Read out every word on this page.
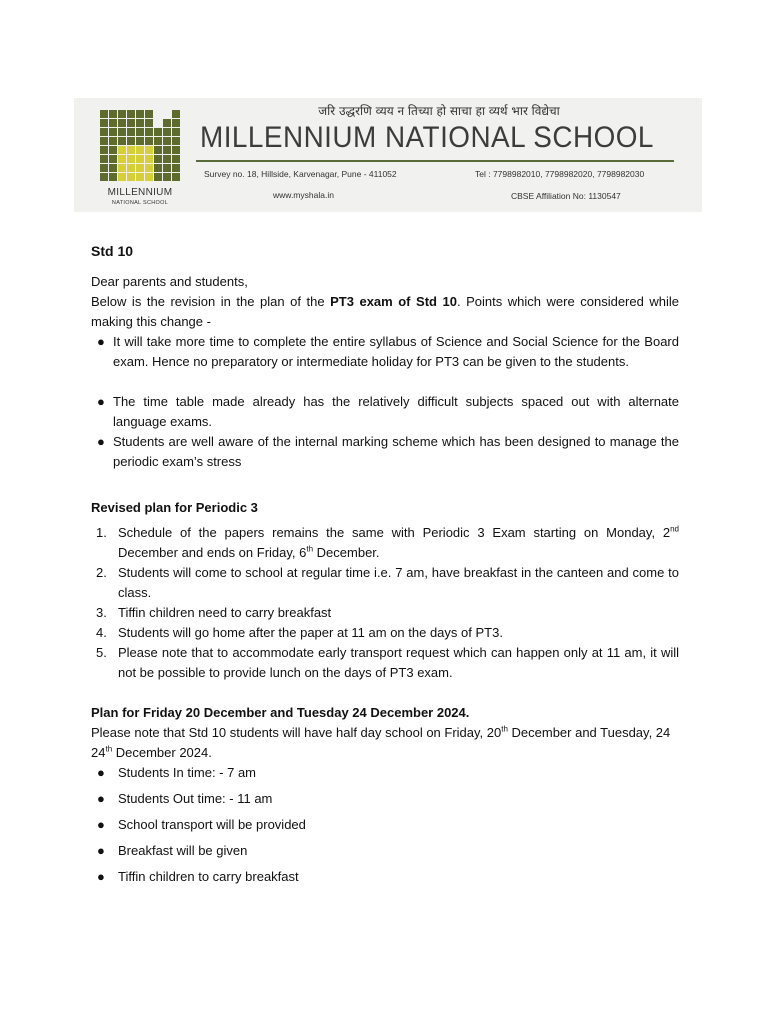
MILLENNIUM
NATIONAL SCHOOL
जरि उद्धरणि व्यय न तिच्या हो साचा हा व्यर्थ भार विद्येचा
MILLENNIUM NATIONAL SCHOOL
Survey no. 18, Hillside, Karvenagar, Pune - 411052	Tel : 7798982010, 7798982020, 7798982030
www.myshala.in	CBSE Affiliation No: 1130547
Std 10
Dear parents and students,
Below is the revision in the plan of the PT3 exam of Std 10. Points which were considered while making this change -
● It will take more time to complete the entire syllabus of Science and Social Science for the Board exam. Hence no preparatory or intermediate holiday for PT3 can be given to the students.
● The time table made already has the relatively difficult subjects spaced out with alternate language exams.
● Students are well aware of the internal marking scheme which has been designed to manage the periodic exam’s stress
Revised plan for Periodic 3
1. Schedule of the papers remains the same with Periodic 3 Exam starting on Monday, 2nd December and ends on Friday, 6th December.
2. Students will come to school at regular time i.e. 7 am, have breakfast in the canteen and come to class.
3. Tiffin children need to carry breakfast
4. Students will go home after the paper at 11 am on the days of PT3.
5. Please note that to accommodate early transport request which can happen only at 11 am, it will not be possible to provide lunch on the days of PT3 exam.
Plan for Friday 20 December and Tuesday 24 December 2024.
Please note that Std 10 students will have half day school on Friday, 20th December and Tuesday, 24

24th December 2024.
● Students In time: - 7 am
● Students Out time: - 11 am
● School transport will be provided
● Breakfast will be given
● Tiffin children to carry breakfast
